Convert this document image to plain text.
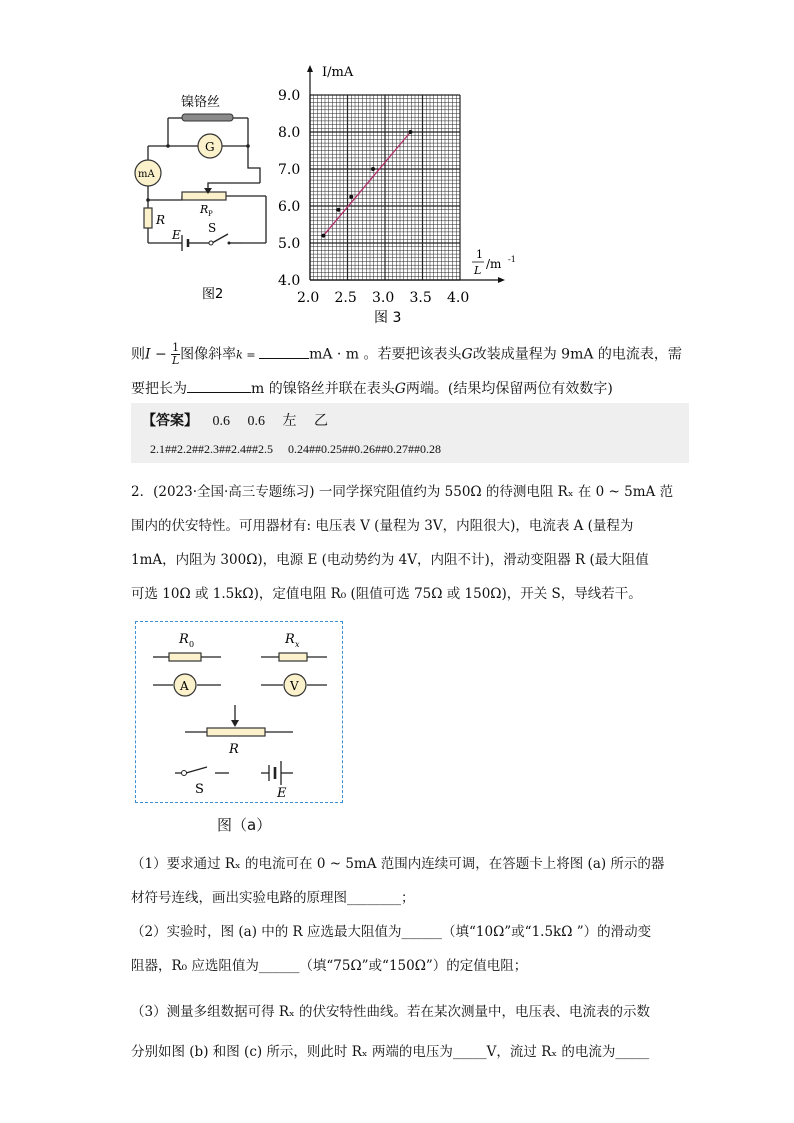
镍铬丝
G
mA
R P
R
E S
图2
4.0
5.0
6.0
7.0
8.0
9.0
2.0 2.5 3.0 3.5 4.0
I/mA
1
L /m -1
图 3
则$I - \frac{1}{L}$ 图像斜率k =	mA · m 。若要把该表头G改装成量程为 9mA 的电流表，需
要把长为	m 的镍铬丝并联在表头G两端。(结果均保留两位有效数字)
【答案】 0.6　 0.6　 左　 乙
2.1##2.2##2.3##2.4##2.5　 0.24##0.25##0.26##0.27##0.28
2．(2023·全国·高三专题练习) 一同学探究阻值约为 550Ω 的待测电阻 Rₓ 在 0 ~ 5mA 范
围内的伏安特性。可用器材有: 电压表 V (量程为 3V，内阻很大)，电流表 A (量程为
1mA，内阻为 300Ω)，电源 E (电动势约为 4V，内阻不计)，滑动变阻器 R (最大阻值
可选 10Ω 或 1.5kΩ)，定值电阻 R₀ (阻值可选 75Ω 或 150Ω)，开关 S，导线若干。
R 0	R x
A	V
R
S	E
图（a）
（1）要求通过 Rₓ 的电流可在 0 ~ 5mA 范围内连续可调，在答题卡上将图 (a) 所示的器
材符号连线，画出实验电路的原理图________；
（2）实验时，图 (a) 中的 R 应选最大阻值为______（填“10Ω”或“1.5kΩ ”）的滑动变
阻器，R₀ 应选阻值为______（填“75Ω”或“150Ω”）的定值电阻；
（3）测量多组数据可得 Rₓ 的伏安特性曲线。若在某次测量中，电压表、电流表的示数
分别如图 (b) 和图 (c) 所示，则此时 Rₓ 两端的电压为_____V，流过 Rₓ 的电流为_____
